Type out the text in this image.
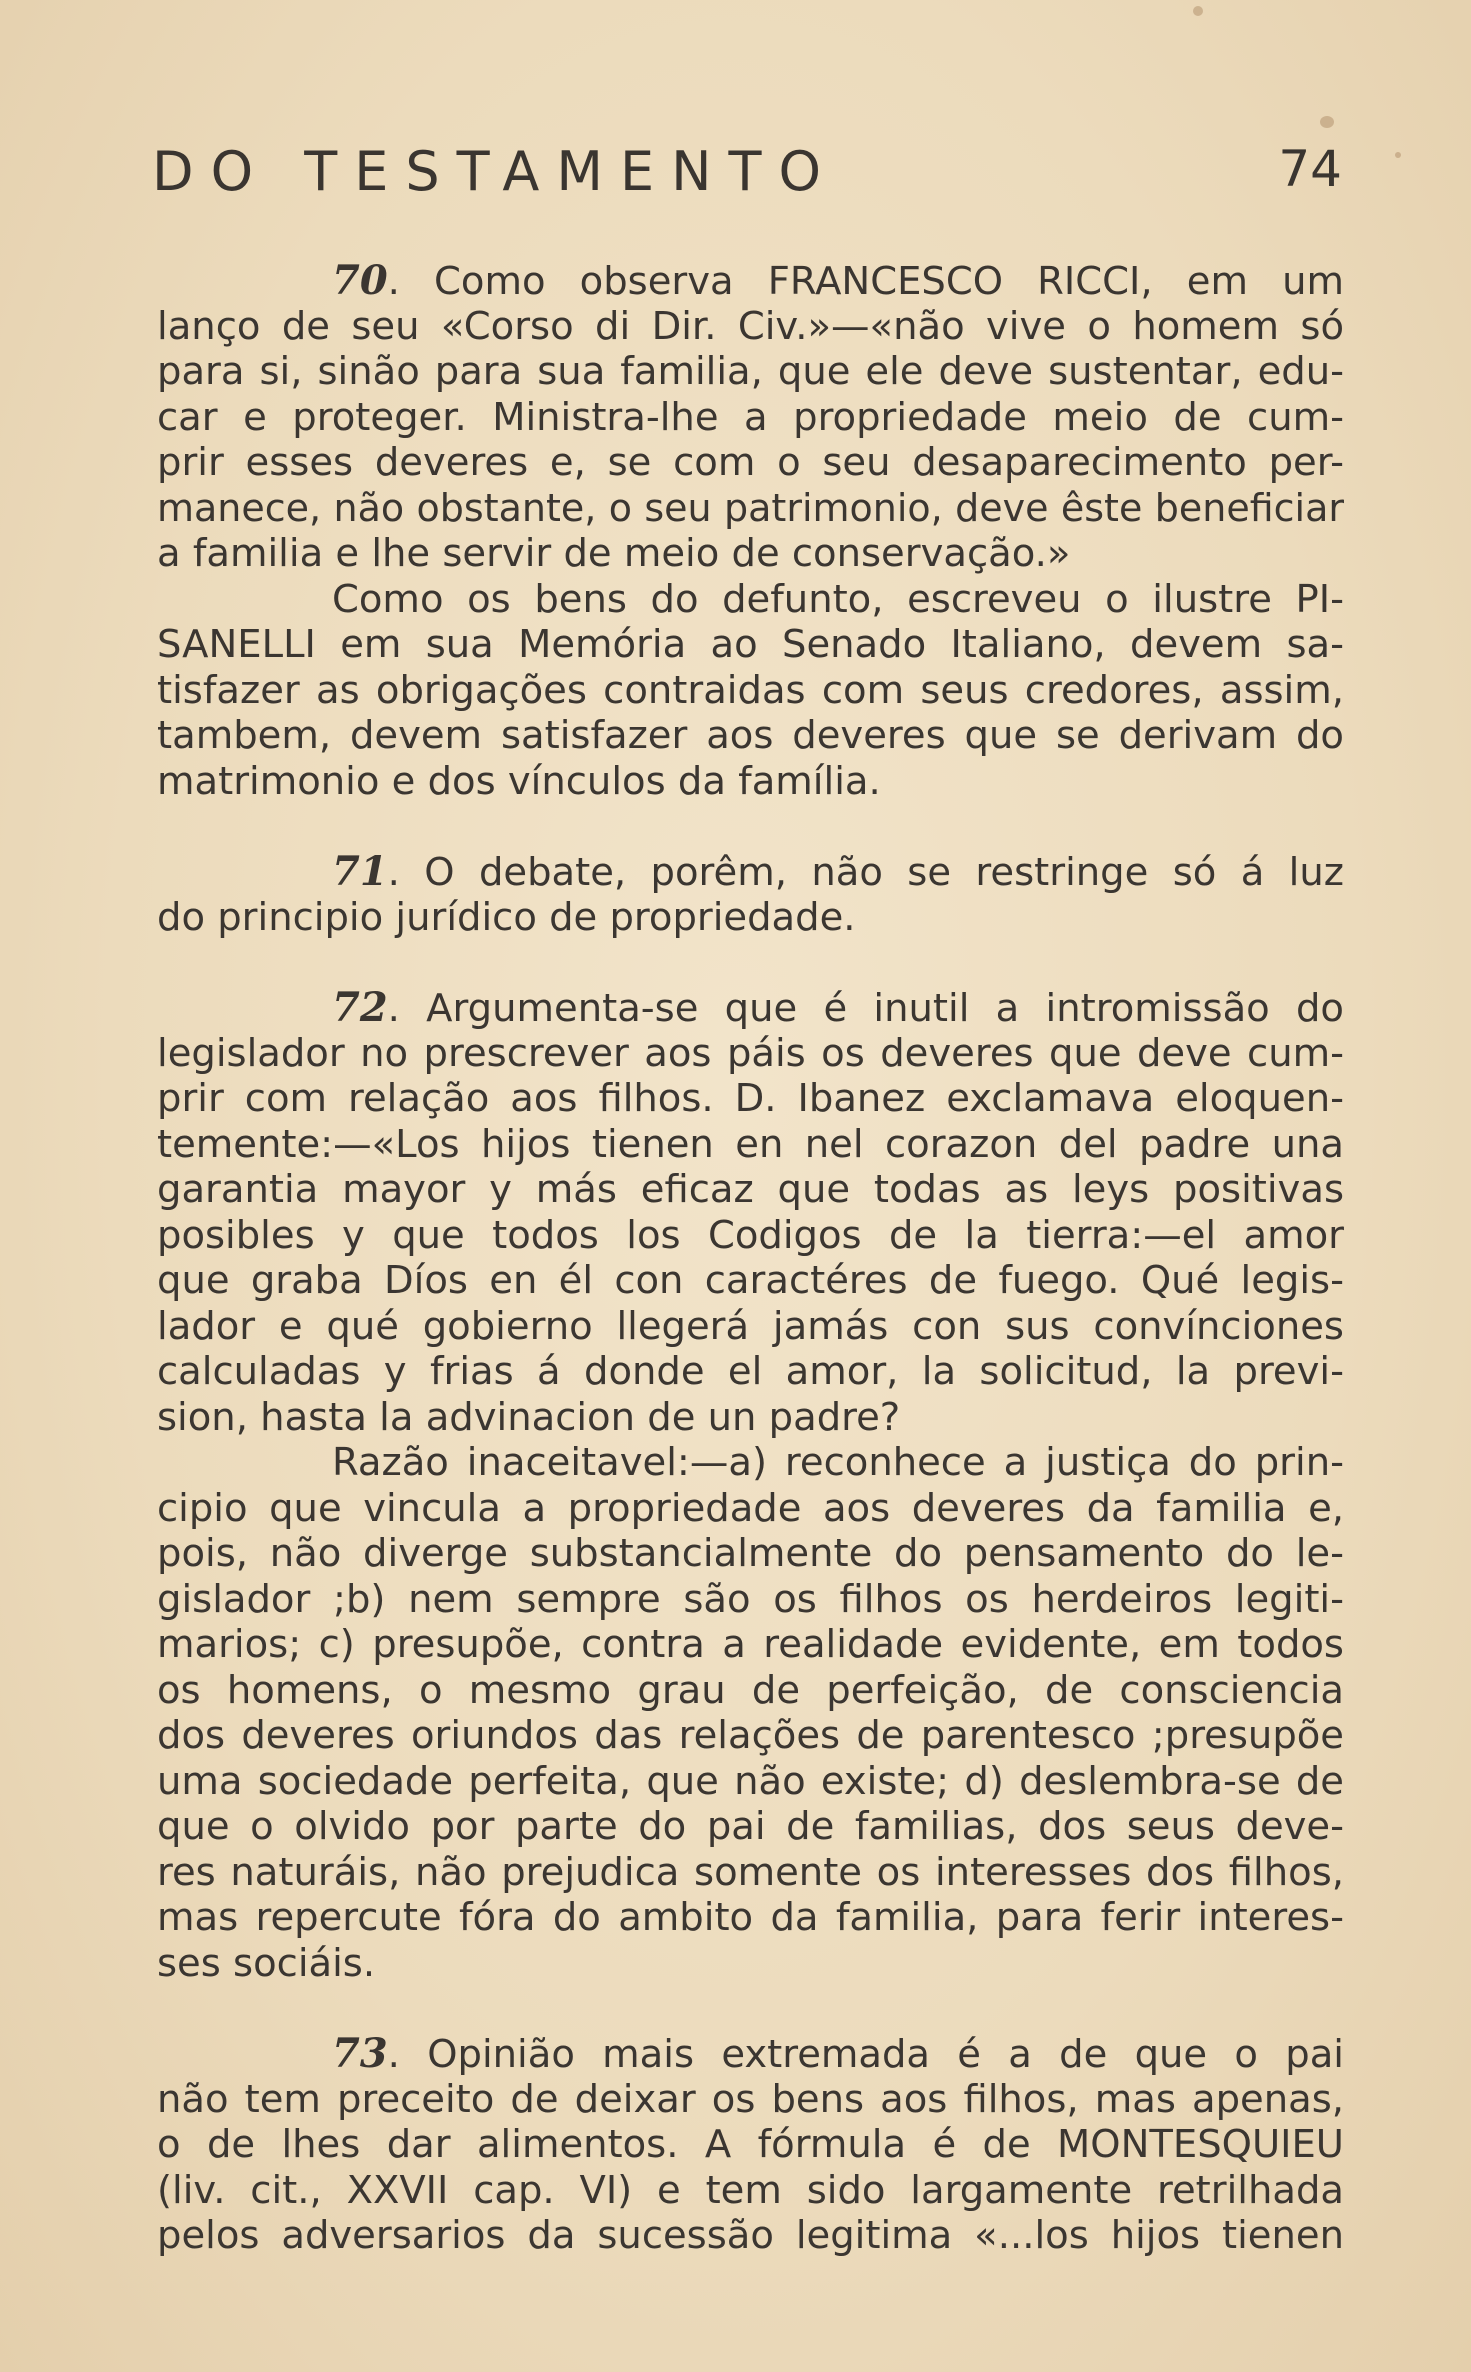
DO TESTAMENTO	74
70. Como observa FRANCESCO RICCI, em um
lanço de seu «Corso di Dir. Civ.»—«não vive o homem só
para si, sinão para sua familia, que ele deve sustentar, edu-
car e proteger. Ministra-lhe a propriedade meio de cum-
prir esses deveres e, se com o seu desaparecimento per-
manece, não obstante, o seu patrimonio, deve êste beneficiar
a familia e lhe servir de meio de conservação.»
Como os bens do defunto, escreveu o ilustre PI-
SANELLI em sua Memória ao Senado Italiano, devem sa-
tisfazer as obrigações contraidas com seus credores, assim,
tambem, devem satisfazer aos deveres que se derivam do
matrimonio e dos vínculos da família.
71. O debate, porêm, não se restringe só á luz
do principio jurídico de propriedade.
72. Argumenta-se que é inutil a intromissão do
legislador no prescrever aos páis os deveres que deve cum-
prir com relação aos filhos. D. Ibanez exclamava eloquen-
temente:—«Los hijos tienen en nel corazon del padre una
garantia mayor y más eficaz que todas as leys positivas
posibles y que todos los Codigos de la tierra:—el amor
que graba Díos en él con caractéres de fuego. Qué legis-
lador e qué gobierno llegerá jamás con sus convínciones
calculadas y frias á donde el amor, la solicitud, la previ-
sion, hasta la advinacion de un padre?
Razão inaceitavel:—a) reconhece a justiça do prin-
cipio que vincula a propriedade aos deveres da familia e,
pois, não diverge substancialmente do pensamento do le-
gislador ;b) nem sempre são os filhos os herdeiros legiti-
marios; c) presupõe, contra a realidade evidente, em todos
os homens, o mesmo grau de perfeição, de consciencia
dos deveres oriundos das relações de parentesco ;presupõe
uma sociedade perfeita, que não existe; d) deslembra-se de
que o olvido por parte do pai de familias, dos seus deve-
res naturáis, não prejudica somente os interesses dos filhos,
mas repercute fóra do ambito da familia, para ferir interes-
ses sociáis.
73. Opinião mais extremada é a de que o pai
não tem preceito de deixar os bens aos filhos, mas apenas,
o de lhes dar alimentos. A fórmula é de MONTESQUIEU
(liv. cit., XXVII cap. VI) e tem sido largamente retrilhada
pelos adversarios da sucessão legitima «...los hijos tienen
